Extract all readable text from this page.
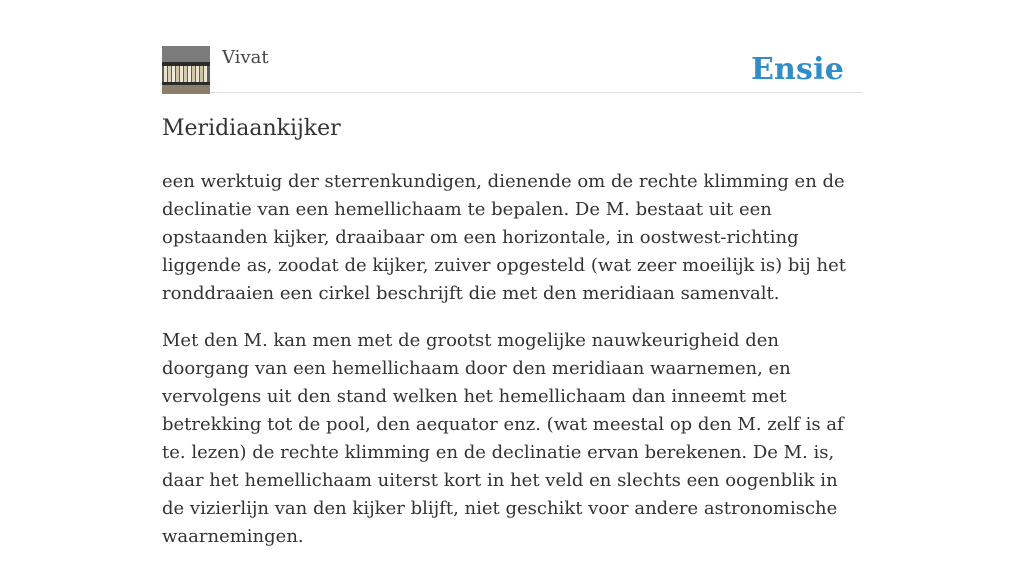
Vivat	Ensie
Meridiaankijker

een werktuig der sterrenkundigen, dienende om de rechte klimming en de declinatie van een hemellichaam te bepalen. De M. bestaat uit een opstaanden kijker, draaibaar om een horizontale, in oostwest-richting liggende as, zoodat de kijker, zuiver opgesteld (wat zeer moeilijk is) bij het ronddraaien een cirkel beschrijft die met den meridiaan samenvalt.

Met den M. kan men met de grootst mogelijke nauwkeurigheid den doorgang van een hemellichaam door den meridiaan waarnemen, en vervolgens uit den stand welken het hemellichaam dan inneemt met betrekking tot de pool, den aequator enz. (wat meestal op den M. zelf is af te. lezen) de rechte klimming en de declinatie ervan berekenen. De M. is, daar het hemellichaam uiterst kort in het veld en slechts een oogenblik in de vizierlijn van den kijker blijft, niet geschikt voor andere astronomische waarnemingen.
